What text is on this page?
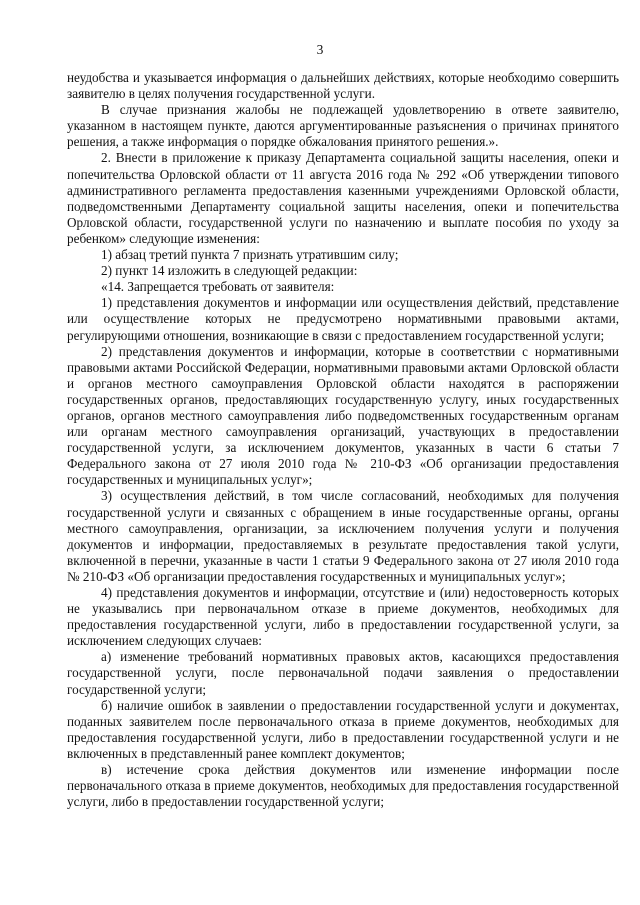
3

неудобства и указывается информация о дальнейших действиях, которые необходимо совершить заявителю в целях получения государственной услуги.

В случае признания жалобы не подлежащей удовлетворению в ответе заявителю, указанном в настоящем пункте, даются аргументированные разъяснения о причинах принятого решения, а также информация о порядке обжалования принятого решения.».

2. Внести в приложение к приказу Департамента социальной защиты населения, опеки и попечительства Орловской области от 11 августа 2016 года № 292 «Об утверждении типового административного регламента предоставления казенными учреждениями Орловской области, подведомственными Департаменту социальной защиты населения, опеки и попечительства Орловской области, государственной услуги по назначению и выплате пособия по уходу за ребенком» следующие изменения:

1) абзац третий пункта 7 признать утратившим силу;

2) пункт 14 изложить в следующей редакции:

«14. Запрещается требовать от заявителя:

1) представления документов и информации или осуществления действий, представление или осуществление которых не предусмотрено нормативными правовыми актами, регулирующими отношения, возникающие в связи с предоставлением государственной услуги;

2) представления документов и информации, которые в соответствии с нормативными правовыми актами Российской Федерации, нормативными правовыми актами Орловской области и органов местного самоуправления Орловской области находятся в распоряжении государственных органов, предоставляющих государственную услугу, иных государственных органов, органов местного самоуправления либо подведомственных государственным органам или органам местного самоуправления организаций, участвующих в предоставлении государственной услуги, за исключением документов, указанных в части 6 статьи 7 Федерального закона от 27 июля 2010 года № 210-ФЗ «Об организации предоставления государственных и муниципальных услуг»;

3) осуществления действий, в том числе согласований, необходимых для получения государственной услуги и связанных с обращением в иные государственные органы, органы местного самоуправления, организации, за исключением получения услуги и получения документов и информации, предоставляемых в результате предоставления такой услуги, включенной в перечни, указанные в части 1 статьи 9 Федерального закона от 27 июля 2010 года № 210-ФЗ «Об организации предоставления государственных и муниципальных услуг»;

4) представления документов и информации, отсутствие и (или) недостоверность которых не указывались при первоначальном отказе в приеме документов, необходимых для предоставления государственной услуги, либо в предоставлении государственной услуги, за исключением следующих случаев:

а) изменение требований нормативных правовых актов, касающихся предоставления государственной услуги, после первоначальной подачи заявления о предоставлении государственной услуги;

б) наличие ошибок в заявлении о предоставлении государственной услуги и документах, поданных заявителем после первоначального отказа в приеме документов, необходимых для предоставления государственной услуги, либо в предоставлении государственной услуги и не включенных в представленный ранее комплект документов;

в) истечение срока действия документов или изменение информации после первоначального отказа в приеме документов, необходимых для предоставления государственной услуги, либо в предоставлении государственной услуги;
